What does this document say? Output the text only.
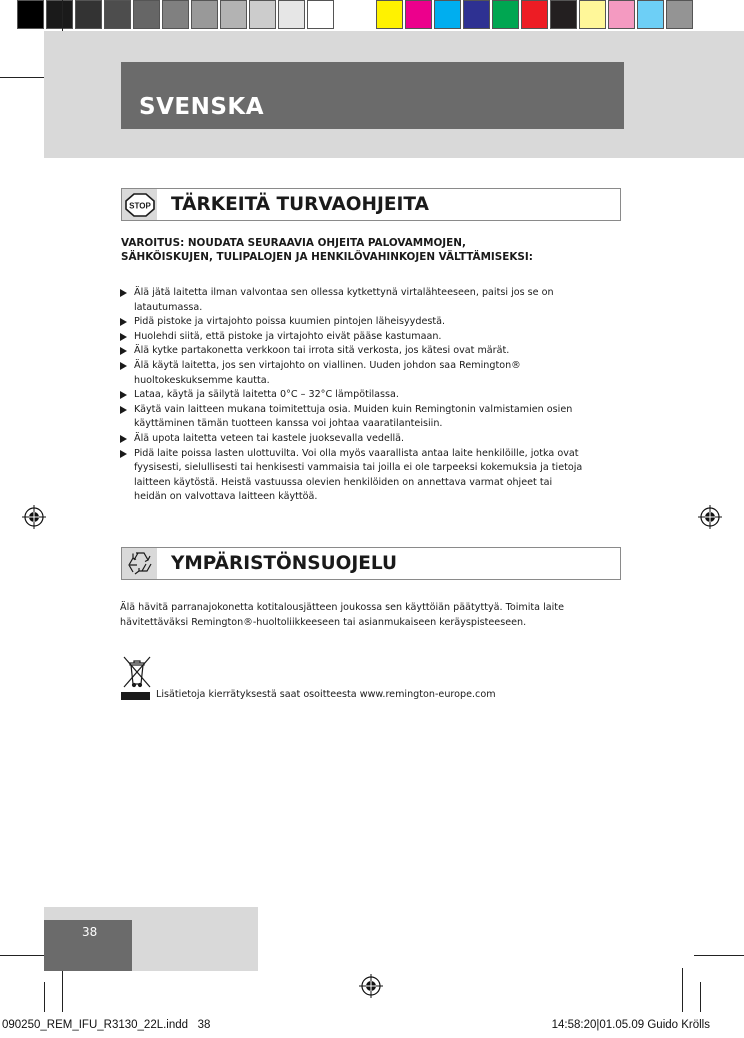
SVENSKA
STOP TÄRKEITÄ TURVAOHJEITA
VAROITUS: NOUDATA SEURAAVIA OHJEITA PALOVAMMOJEN,
SÄHKÖISKUJEN, TULIPALOJEN JA HENKILÖVAHINKOJEN VÄLTTÄMISEKSI:
Älä jätä laitetta ilman valvontaa sen ollessa kytkettynä virtalähteeseen, paitsi jos se on
latautumassa.
Pidä pistoke ja virtajohto poissa kuumien pintojen läheisyydestä.
Huolehdi siitä, että pistoke ja virtajohto eivät pääse kastumaan.
Älä kytke partakonetta verkkoon tai irrota sitä verkosta, jos kätesi ovat märät.
Älä käytä laitetta, jos sen virtajohto on viallinen. Uuden johdon saa Remington®
huoltokeskuksemme kautta.
Lataa, käytä ja säilytä laitetta 0°C – 32°C lämpötilassa.
Käytä vain laitteen mukana toimitettuja osia. Muiden kuin Remingtonin valmistamien osien
käyttäminen tämän tuotteen kanssa voi johtaa vaaratilanteisiin.
Älä upota laitetta veteen tai kastele juoksevalla vedellä.
Pidä laite poissa lasten ulottuvilta. Voi olla myös vaarallista antaa laite henkilöille, jotka ovat
fyysisesti, sielullisesti tai henkisesti vammaisia tai joilla ei ole tarpeeksi kokemuksia ja tietoja
laitteen käytöstä. Heistä vastuussa olevien henkilöiden on annettava varmat ohjeet tai
heidän on valvottava laitteen käyttöä.
YMPÄRISTÖNSUOJELU
Älä hävitä parranajokonetta kotitalousjätteen joukossa sen käyttöiän päätyttyä. Toimita laite
hävitettäväksi Remington®-huoltoliikkeeseen tai asianmukaiseen keräyspisteeseen.
Lisätietoja kierrätyksestä saat osoitteesta www.remington-europe.com
38
090250_REM_IFU_R3130_22L.indd   38	14:58:20|01.05.09 Guido Krölls
